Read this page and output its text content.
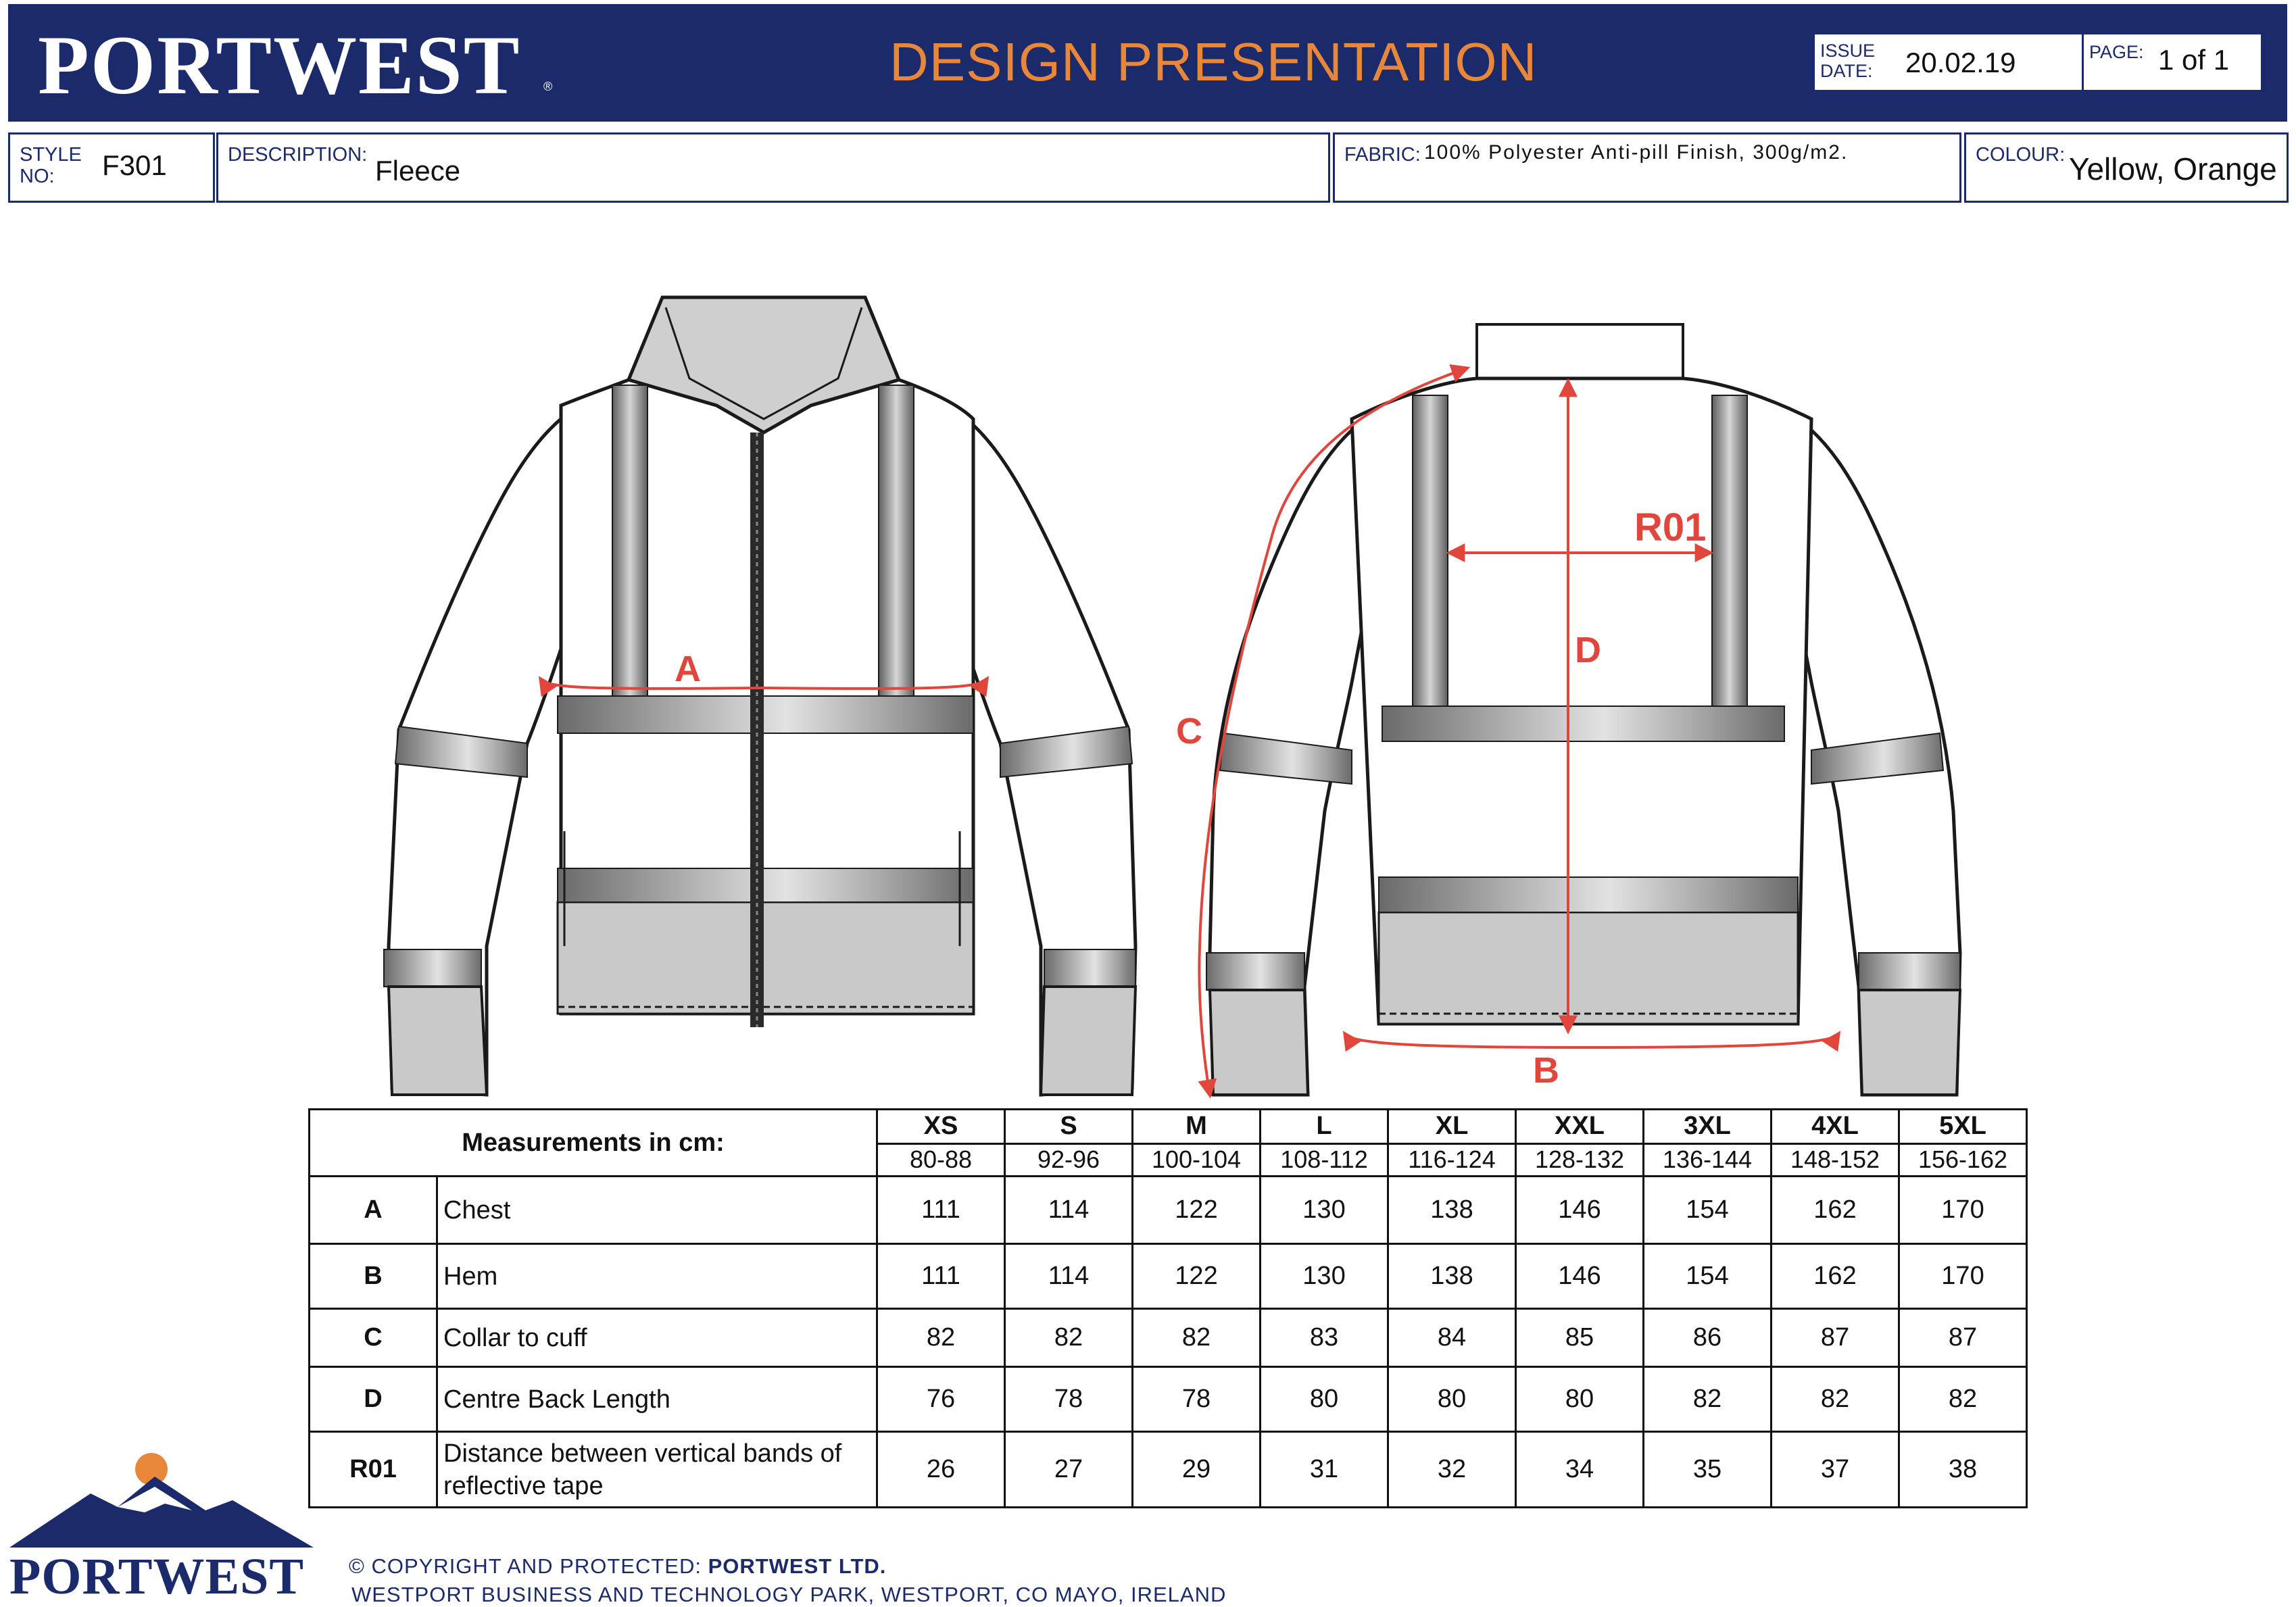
PORTWEST ®	DESIGN PRESENTATION	ISSUE
DATE: 20.02.19	PAGE: 1 of 1
STYLE
NO: F301	DESCRIPTION: Fleece	FABRIC: 100% Polyester Anti-pill Finish, 300g/m2.	COLOUR: Yellow, Orange
A
B
C
D
R01
Measurements in cm:		XS	S	M	L	XL	XXL	3XL	4XL	5XL
		80-88	92-96	100-104	108-112	116-124	128-132	136-144	148-152	156-162
A	Chest	111	114	122	130	138	146	154	162	170
B	Hem	111	114	122	130	138	146	154	162	170
C	Collar to cuff	82	82	82	83	84	85	86	87	87
D	Centre Back Length	76	78	78	80	80	80	82	82	82
R01	Distance between vertical bands of reflective tape	26	27	29	31	32	34	35	37	38
PORTWEST © COPYRIGHT AND PROTECTED: PORTWEST LTD.
WESTPORT BUSINESS AND TECHNOLOGY PARK, WESTPORT, CO MAYO, IRELAND
